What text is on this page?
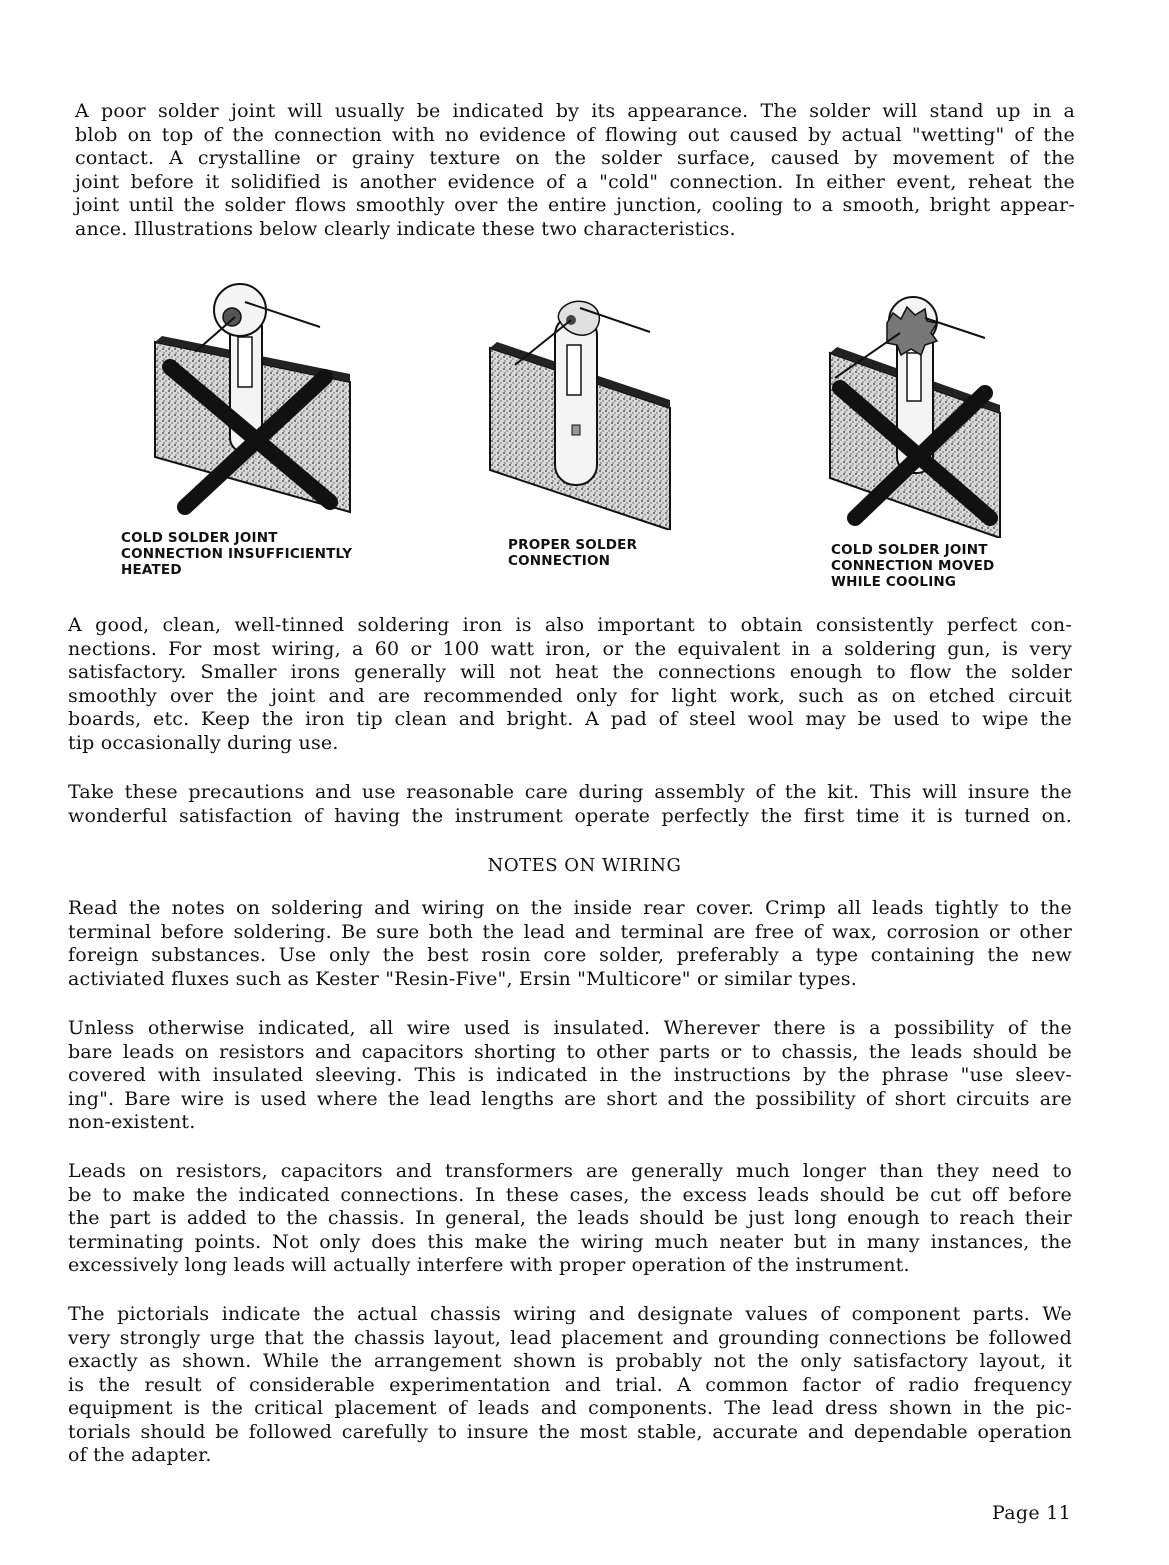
A poor solder joint will usually be indicated by its appearance. The solder will stand up in a
blob on top of the connection with no evidence of flowing out caused by actual "wetting" of the
contact. A crystalline or grainy texture on the solder surface, caused by movement of the
joint before it solidified is another evidence of a "cold" connection. In either event, reheat the
joint until the solder flows smoothly over the entire junction, cooling to a smooth, bright appear-
ance. Illustrations below clearly indicate these two characteristics.
COLD SOLDER JOINT
CONNECTION INSUFFICIENTLY
HEATED
PROPER SOLDER
CONNECTION
COLD SOLDER JOINT
CONNECTION MOVED
WHILE COOLING
A good, clean, well-tinned soldering iron is also important to obtain consistently perfect con-
nections. For most wiring, a 60 or 100 watt iron, or the equivalent in a soldering gun, is very
satisfactory. Smaller irons generally will not heat the connections enough to flow the solder
smoothly over the joint and are recommended only for light work, such as on etched circuit
boards, etc. Keep the iron tip clean and bright. A pad of steel wool may be used to wipe the
tip occasionally during use.
Take these precautions and use reasonable care during assembly of the kit. This will insure the
wonderful satisfaction of having the instrument operate perfectly the first time it is turned on.
NOTES ON WIRING
Read the notes on soldering and wiring on the inside rear cover. Crimp all leads tightly to the
terminal before soldering. Be sure both the lead and terminal are free of wax, corrosion or other
foreign substances. Use only the best rosin core solder, preferably a type containing the new
activiated fluxes such as Kester "Resin-Five", Ersin "Multicore" or similar types.
Unless otherwise indicated, all wire used is insulated. Wherever there is a possibility of the
bare leads on resistors and capacitors shorting to other parts or to chassis, the leads should be
covered with insulated sleeving. This is indicated in the instructions by the phrase "use sleev-
ing". Bare wire is used where the lead lengths are short and the possibility of short circuits are
non-existent.
Leads on resistors, capacitors and transformers are generally much longer than they need to
be to make the indicated connections. In these cases, the excess leads should be cut off before
the part is added to the chassis. In general, the leads should be just long enough to reach their
terminating points. Not only does this make the wiring much neater but in many instances, the
excessively long leads will actually interfere with proper operation of the instrument.
The pictorials indicate the actual chassis wiring and designate values of component parts. We
very strongly urge that the chassis layout, lead placement and grounding connections be followed
exactly as shown. While the arrangement shown is probably not the only satisfactory layout, it
is the result of considerable experimentation and trial. A common factor of radio frequency
equipment is the critical placement of leads and components. The lead dress shown in the pic-
torials should be followed carefully to insure the most stable, accurate and dependable operation
of the adapter.
Page 11
